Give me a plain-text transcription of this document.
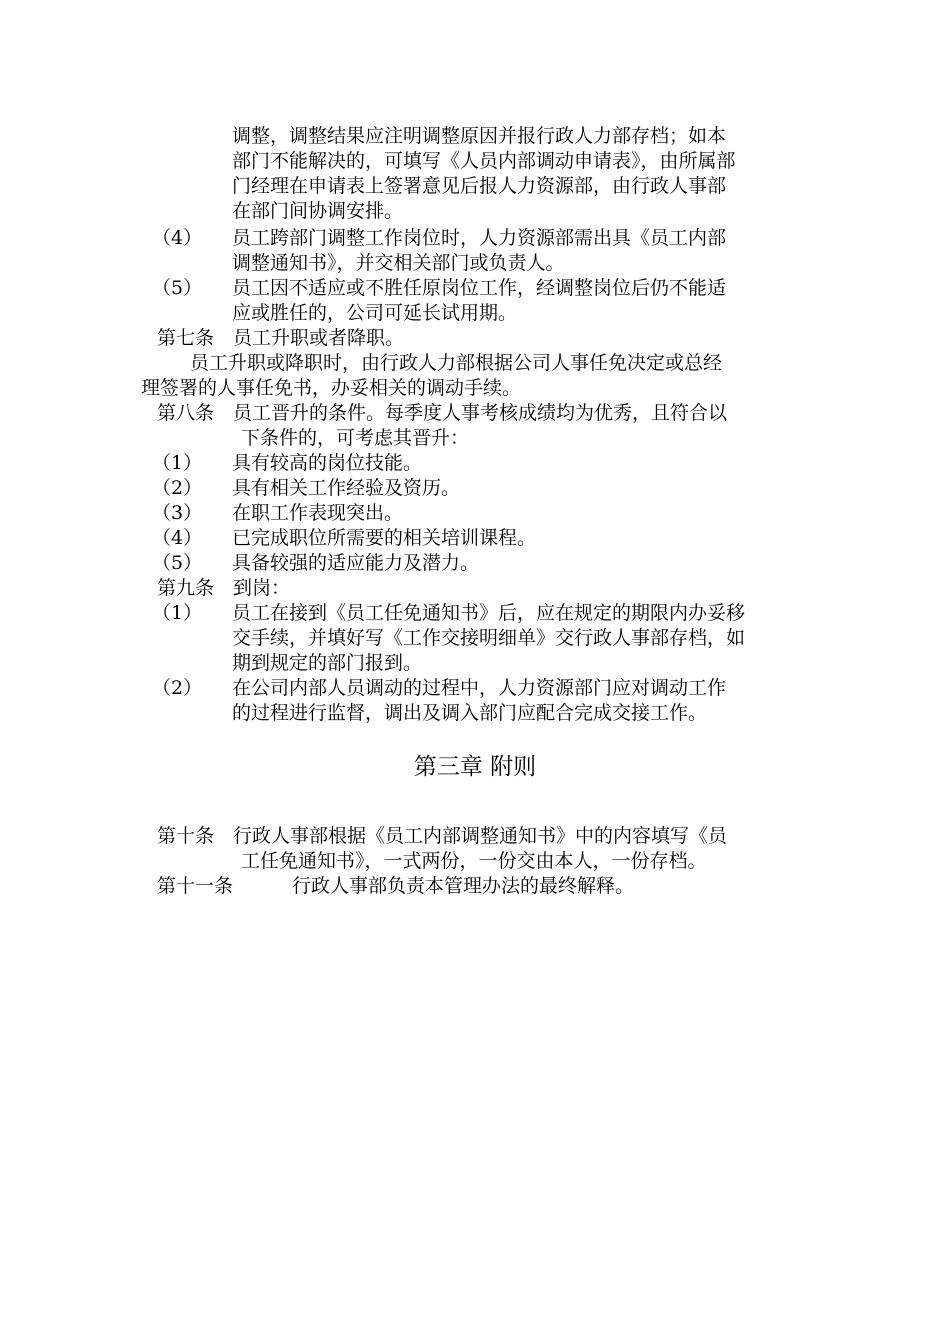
调整，调整结果应注明调整原因并报行政人力部存档；如本
部门不能解决的，可填写《人员内部调动申请表》，由所属部
门经理在申请表上签署意见后报人力资源部，由行政人事部
在部门间协调安排。
（4） 员工跨部门调整工作岗位时，人力资源部需出具《员工内部
调整通知书》，并交相关部门或负责人。
（5） 员工因不适应或不胜任原岗位工作，经调整岗位后仍不能适
应或胜任的，公司可延长试用期。
第七条　员工升职或者降职。
员工升职或降职时，由行政人力部根据公司人事任免决定或总经
理签署的人事任免书，办妥相关的调动手续。
第八条　员工晋升的条件。每季度人事考核成绩均为优秀，且符合以
下条件的，可考虑其晋升：
（1） 具有较高的岗位技能。
（2） 具有相关工作经验及资历。
（3） 在职工作表现突出。
（4） 已完成职位所需要的相关培训课程。
（5） 具备较强的适应能力及潜力。
第九条　到岗：
（1） 员工在接到《员工任免通知书》后，应在规定的期限内办妥移
交手续，并填好写《工作交接明细单》交行政人事部存档，如
期到规定的部门报到。
（2） 在公司内部人员调动的过程中，人力资源部门应对调动工作
的过程进行监督，调出及调入部门应配合完成交接工作。
第三章 附则
第十条　行政人事部根据《员工内部调整通知书》中的内容填写《员
工任免通知书》，一式两份，一份交由本人，一份存档。
第十一条	行政人事部负责本管理办法的最终解释。
